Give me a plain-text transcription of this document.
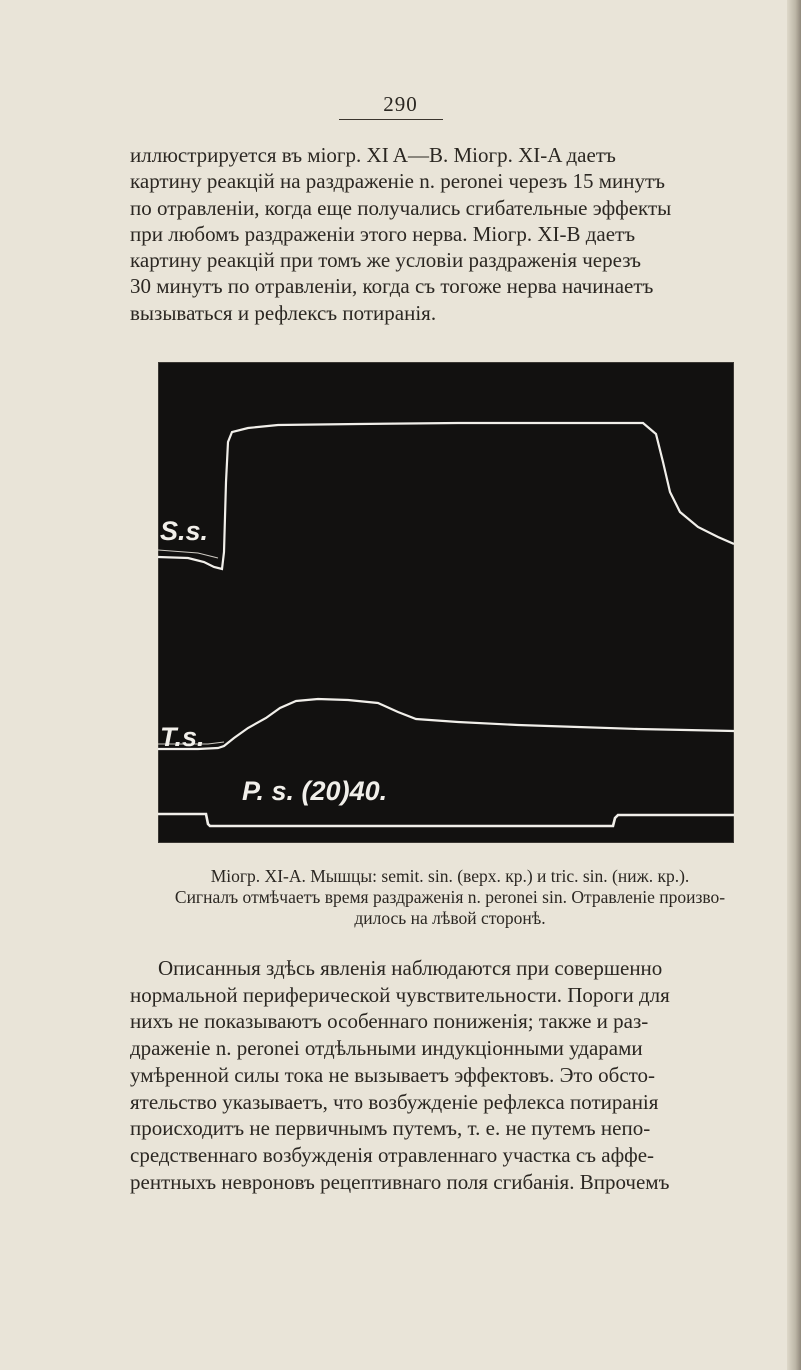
290
иллюстрируется въ міогр. XI A—B. Міогр. XI-A даетъ
картину реакцій на раздраженіе n. peronei черезъ 15 минутъ
по отравленіи, когда еще получались сгибательные эффекты
при любомъ раздраженіи этого нерва. Міогр. XI-B даетъ
картину реакцій при томъ же условіи раздраженія черезъ
30 минутъ по отравленіи, когда съ тогоже нерва начинаетъ
вызываться и рефлексъ потиранія.
S.s.
T.s.
P. s. (20)40.
Міогр. XI-A. Мышцы: semit. sin. (верх. кр.) и tric. sin. (ниж. кр.).
Сигналъ отмѣчаетъ время раздраженія n. peronei sin. Отравленіе произво-
дилось на лѣвой сторонѣ.
Описанныя здѣсь явленія наблюдаются при совершенно
нормальной периферической чувствительности. Пороги для
нихъ не показываютъ особеннаго пониженія; также и раз-
драженіе n. peronei отдѣльными индукціонными ударами
умѣренной силы тока не вызываетъ эффектовъ. Это обсто-
ятельство указываетъ, что возбужденіе рефлекса потиранія
происходитъ не первичнымъ путемъ, т. е. не путемъ непо-
средственнаго возбужденія отравленнаго участка съ аффе-
рентныхъ невроновъ рецептивнаго поля сгибанія. Впрочемъ
